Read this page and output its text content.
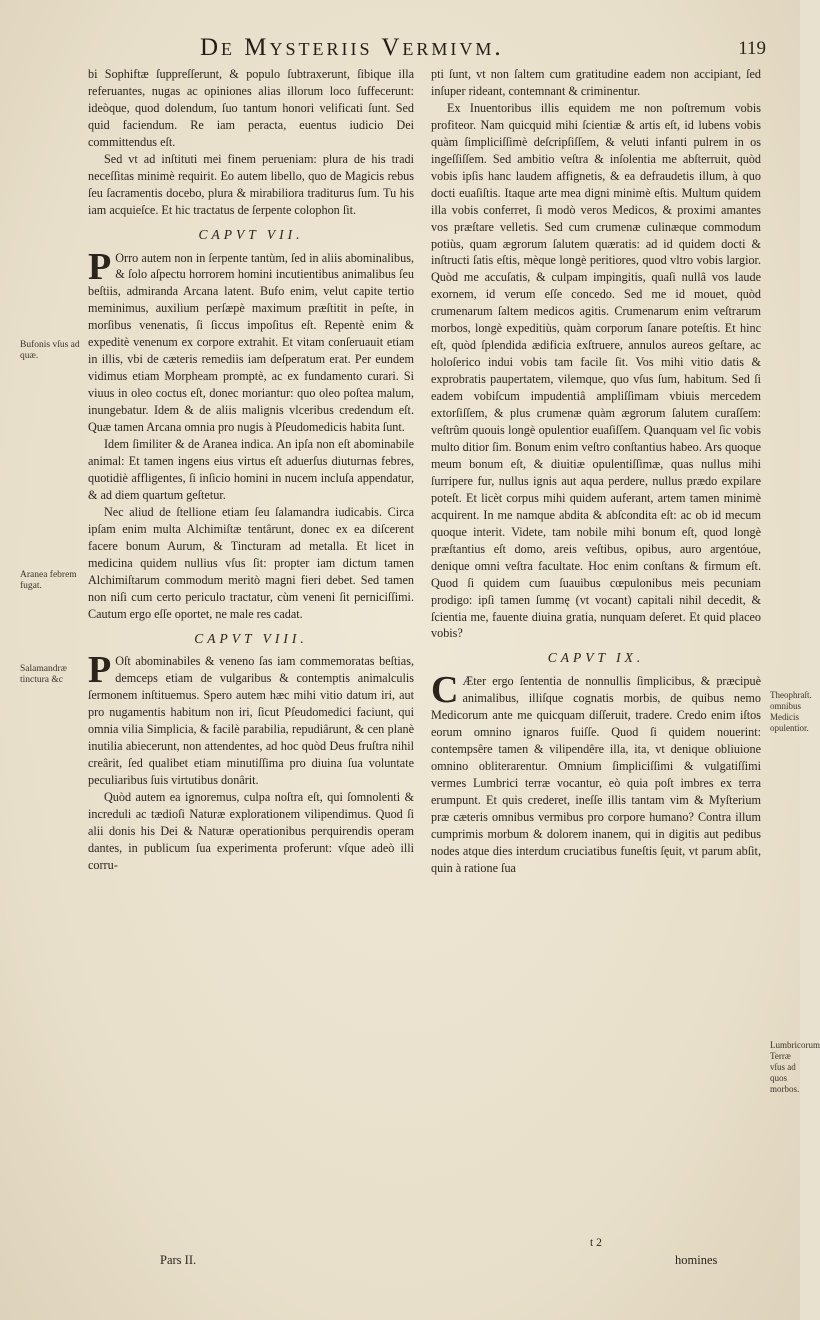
De Mysteriis Vermivm.	119

bi Sophiftæ ſuppreſſerunt, & populo ſubtraxerunt, ſibique illa referuantes, nugas ac opiniones alias illorum loco ſuffecerunt: ideòque, quod dolendum, ſuo tantum honori velificati ſunt. Sed quid faciendum. Re iam peracta, euentus iudicio Dei committendus eſt.

Sed vt ad inſtituti mei finem perueniam: plura de his tradi neceſſitas minimè requirit. Eo autem libello, quo de Magicis rebus ſeu ſacramentis docebo, plura & mirabiliora traditurus ſum. Tu his iam acquieſce. Et hic tractatus de ſerpente colophon ſit.

CAPVT VII.

P Orro autem non in ſerpente tantùm, ſed in aliis abominalibus, & ſolo aſpectu horrorem homini incutientibus animalibus ſeu beſtiis, admiranda Arcana latent. Bufo enim, velut capite tertio meminimus, auxilium perſæpè maximum præſtitit in peſte, in morſibus venenatis, ſi ſiccus impoſitus eſt. Repentè enim & expeditè venenum ex corpore extrahit. Et vitam conſeruauit etiam in illis, vbi de cæteris remediis iam deſperatum erat. Per eundem vidimus etiam Morpheam promptè, ac ex fundamento curari. Si viuus in oleo coctus eſt, donec moriantur: quo oleo poſtea malum, inungebatur. Idem & de aliis malignis vlceribus credendum eſt. Quæ tamen Arcana omnia pro nugis à Pſeudomedicis habita ſunt.

Idem ſimiliter & de Aranea indica. An ipſa non eſt abominabile animal: Et tamen ingens eius virtus eſt aduerſus diuturnas febres, quotidiè affligentes, ſi inſicio homini in nucem incluſa appendatur, & ad diem quartum geſtetur.

Nec aliud de ſtellione etiam ſeu ſalamandra iudicabis. Circa ipſam enim multa Alchimiſtæ tentârunt, donec ex ea diſcerent facere bonum Aurum, & Tincturam ad metalla. Et licet in medicina quidem nullius vſus ſit: propter iam dictum tamen Alchimiſtarum commodum meritò magni fieri debet. Sed tamen non niſi cum certo periculo tractatur, cùm veneni ſit perniciſſimi. Cautum ergo eſſe oportet, ne male res cadat.

CAPVT VIII.

P Oſt abominabiles & veneno ſas iam commemoratas beſtias, demceps etiam de vulgaribus & contemptis animalculis ſermonem inſtituemus. Spero autem hæc mihi vitio datum iri, aut pro nugamentis habitum non iri, ſicut Pſeudomedici faciunt, qui omnia vilia Simplicia, & facilè parabilia, repudiârunt, & cen planè inutilia abiecerunt, non attendentes, ad hoc quòd Deus fruſtra nihil creârit, ſed qualibet etiam minutiſſima pro diuina ſua voluntate peculiaribus ſuis virtutibus donârit.

Quòd autem ea ignoremus, culpa noſtra eſt, qui ſomnolenti & increduli ac tædioſi Naturæ explorationem vilipendimus. Quod ſi alii donis his Dei & Naturæ operationibus perquirendis operam dantes, in publicum ſua experimenta proferunt: vſque adeò illi corru-

Pars II.

pti ſunt, vt non ſaltem cum gratitudine eadem non accipiant, ſed inſuper rideant, contemnant & criminentur.

Ex Inuentoribus illis equidem me non poſtremum vobis profiteor. Nam quicquid mihi ſcientiæ & artis eſt, id lubens vobis quàm ſimpliciſſimè deſcripſiſſem, & veluti infanti pulrem in os ingeſſiſſem. Sed ambitio veſtra & inſolentia me abſterruit, quòd vobis ipſis hanc laudem affignetis, & ea defraudetis illum, à quo docti euaſiſtis. Itaque arte mea digni minimè eſtis. Multum quidem illa vobis conferret, ſi modò veros Medicos, & proximi amantes vos præſtare velletis. Sed cum crumenæ culinæque commodum potiùs, quam ægrorum ſalutem quæratis: ad id quidem docti & inſtructi ſatis eſtis, mèque longè peritiores, quod vltro vobis largior. Quòd me accuſatis, & culpam impingitis, quaſi nullâ vos laude exornem, id verum eſſe concedo. Sed me id mouet, quòd crumenarum ſaltem medicos agitis. Crumenarum enim veſtrarum morbos, longè expeditiùs, quàm corporum ſanare poteſtis. Et hinc eſt, quòd ſplendida ædificia exſtruere, annulos aureos geſtare, ac holoſerico indui vobis tam facile ſit. Vos mihi vitio datis & exprobratis paupertatem, vilemque, quo vſus ſum, habitum. Sed ſi eadem vobiſcum impudentiâ ampliſſimam vbiuis mercedem extorſiſſem, & plus crumenæ quàm ægrorum ſalutem curaſſem: veſtrûm quouis longè opulentior euaſiſſem. Quanquam vel ſic vobis multo ditior ſim. Bonum enim veſtro conſtantius habeo. Ars quoque meum bonum eſt, & diuitiæ opulentiſſimæ, quas nullus mihi ſurripere fur, nullus ignis aut aqua perdere, nullus prædo expilare poteſt. Et licèt corpus mihi quidem auferant, artem tamen minimè acquirent. In me namque abdita & abſcondita eſt: ac ob id mecum quoque interit. Videte, tam nobile mihi bonum eſt, quod longè præſtantius eſt domo, areis veſtibus, opibus, auro argentóue, denique omni veſtra facultate. Hoc enim conſtans & firmum eſt. Quod ſi quidem cum ſuauibus cœpulonibus meis pecuniam prodigo: ipſi tamen ſummę (vt vocant) capitali nihil decedit, & ſcientia me, fauente diuina gratia, nunquam deſeret. Et quid placeo vobis?

CAPVT IX.

C Æter ergo ſententia de nonnullis ſimplicibus, & præcipuè animalibus, illiſque cognatis morbis, de quibus nemo Medicorum ante me quicquam diſſeruit, tradere. Credo enim iſtos eorum omnino ignaros fuiſſe. Quod ſi quidem nouerint: contempsêre tamen & vilipendêre illa, ita, vt denique obliuione omnino obliterarentur. Omnium ſimpliciſſimi & vulgatiſſimi vermes Lumbrici terræ vocantur, eò quia poſt imbres ex terra erumpunt. Et quis crederet, ineſſe illis tantam vim & Myſterium præ cæteris omnibus vermibus pro corpore humano? Contra illum cumprimis morbum & dolorem inanem, qui in digitis aut pedibus nodes atque dies interdum cruciatibus funeſtis ſęuit, vt parum abſit, quin à ratione ſua

t 2
homines
Bufonis vſus ad quæ.
Aranea febrem fugat.
Salamandræ tinctura &c
Theophraſt. omnibus Medicis opulentior.
Lumbricorum Terræ vſus ad quos morbos.
